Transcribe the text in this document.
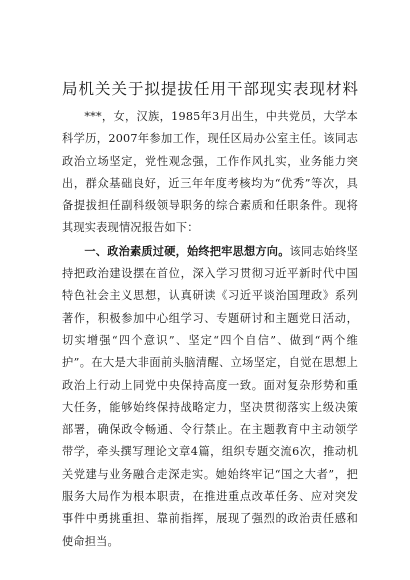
局机关关于拟提拔任用干部现实表现材料

***，女，汉族，1985年3月出生，中共党员，大学本科学历，2007年参加工作，现任区局办公室主任。该同志政治立场坚定，党性观念强，工作作风扎实，业务能力突出，群众基础良好，近三年年度考核均为“优秀”等次，具备提拔担任副科级领导职务的综合素质和任职条件。现将其现实表现情况报告如下：

一、政治素质过硬，始终把牢思想方向。该同志始终坚持把政治建设摆在首位，深入学习贯彻习近平新时代中国特色社会主义思想，认真研读《习近平谈治国理政》系列著作，积极参加中心组学习、专题研讨和主题党日活动，切实增强“四个意识”、坚定“四个自信”、做到“两个维护”。在大是大非面前头脑清醒、立场坚定，自觉在思想上政治上行动上同党中央保持高度一致。面对复杂形势和重大任务，能够始终保持战略定力，坚决贯彻落实上级决策部署，确保政令畅通、令行禁止。在主题教育中主动领学带学，牵头撰写理论文章4篇，组织专题交流6次，推动机关党建与业务融合走深走实。她始终牢记“国之大者”，把服务大局作为根本职责，在推进重点改革任务、应对突发事件中勇挑重担、靠前指挥，展现了强烈的政治责任感和使命担当。
